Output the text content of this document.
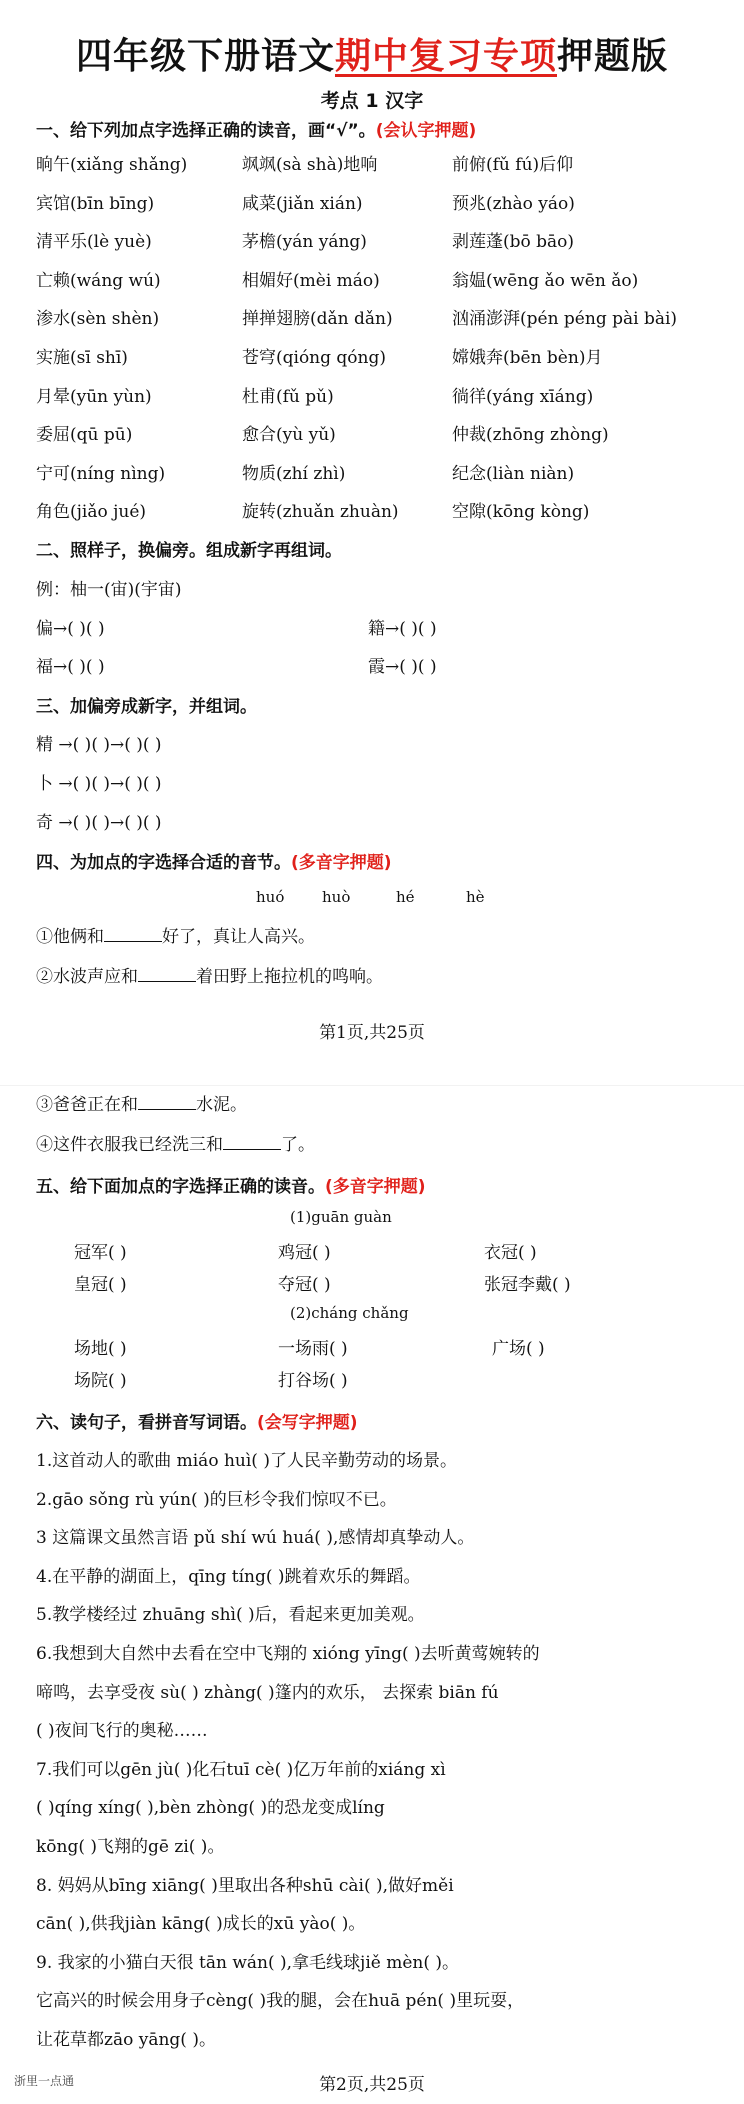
四年级下册语文期中复习专项押题版
考点 1 汉字
一、给下列加点字选择正确的读音，画“√”。(会认字押题)
晌午(xiǎng shǎng)	飒飒(sà shà)地响	前俯(fǔ fú)后仰
宾馆(bīn bīng)	咸菜(jiǎn xián)	预兆(zhào yáo)
清平乐(lè yuè)	茅檐(yán yáng)	剥莲蓬(bō bāo)
亡赖(wáng wú)	相媚好(mèi máo)	翁媪(wēng ǎo wēn ǎo)
渗水(sèn shèn)	掸掸翅膀(dǎn dǎn)	汹涌澎湃(pén péng pài bài)
实施(sī shī)	苍穹(qióng qóng)	嫦娥奔(bēn bèn)月
月晕(yūn yùn)	杜甫(fǔ pǔ)	徜徉(yáng xīáng)
委屈(qū pū)	愈合(yù yǔ)	仲裁(zhōng zhòng)
宁可(níng nìng)	物质(zhí zhì)	纪念(liàn niàn)
角色(jiǎo jué)	旋转(zhuǎn zhuàn)	空隙(kōng kòng)
二、照样子，换偏旁。组成新字再组词。
例：柚一(宙)(宇宙)
偏→( )( )	籍→( )( )
福→( )( )	霞→( )( )
三、加偏旁成新字，并组词。
精 →( )( )→( )( )
卜 →( )( )→( )( )
奇 →( )( )→( )( )
四、为加点的字选择合适的音节。(多音字押题)
huó	huò	hé	hè
①他俩和	好了，真让人高兴。
②水波声应和	着田野上拖拉机的鸣响。
第1页,共25页
③爸爸正在和	水泥。
④这件衣服我已经洗三和	了。
五、给下面加点的字选择正确的读音。(多音字押题)
(1)guān guàn
冠军( )	鸡冠( )	衣冠( )
皇冠( )	夺冠( )	张冠李戴( )
(2)cháng chǎng
场地( )	一场雨( )	广场( )
场院( )	打谷场( )
六、读句子，看拼音写词语。(会写字押题)
1.这首动人的歌曲 miáo huì( )了人民辛勤劳动的场景。
2.gāo sǒng rù yún( )的巨杉令我们惊叹不已。
3 这篇课文虽然言语 pǔ shí wú huá( ),感情却真挚动人。
4.在平静的湖面上，qīng tíng( )跳着欢乐的舞蹈。
5.教学楼经过 zhuāng shì( )后，看起来更加美观。
6.我想到大自然中去看在空中飞翔的 xióng yīng( )去听黄莺婉转的
啼鸣，去享受夜 sù( ) zhàng( )篷内的欢乐， 去探索 biān fú
( )夜间飞行的奥秘……
7.我们可以gēn jù( )化石tuī cè( )亿万年前的xiáng xì
( )qíng xíng( ),bèn zhòng( )的恐龙变成líng
kōng( )飞翔的gē zi( )。
8. 妈妈从bīng xiāng( )里取出各种shū cài( ),做好měi
cān( ),供我jiàn kāng( )成长的xū yào( )。
9. 我家的小猫白天很 tān wán( ),拿毛线球jiě mèn( )。
它高兴的时候会用身子cèng( )我的腿，会在huā pén( )里玩耍，
让花草都zāo yāng( )。
浙里一点通	第2页,共25页
